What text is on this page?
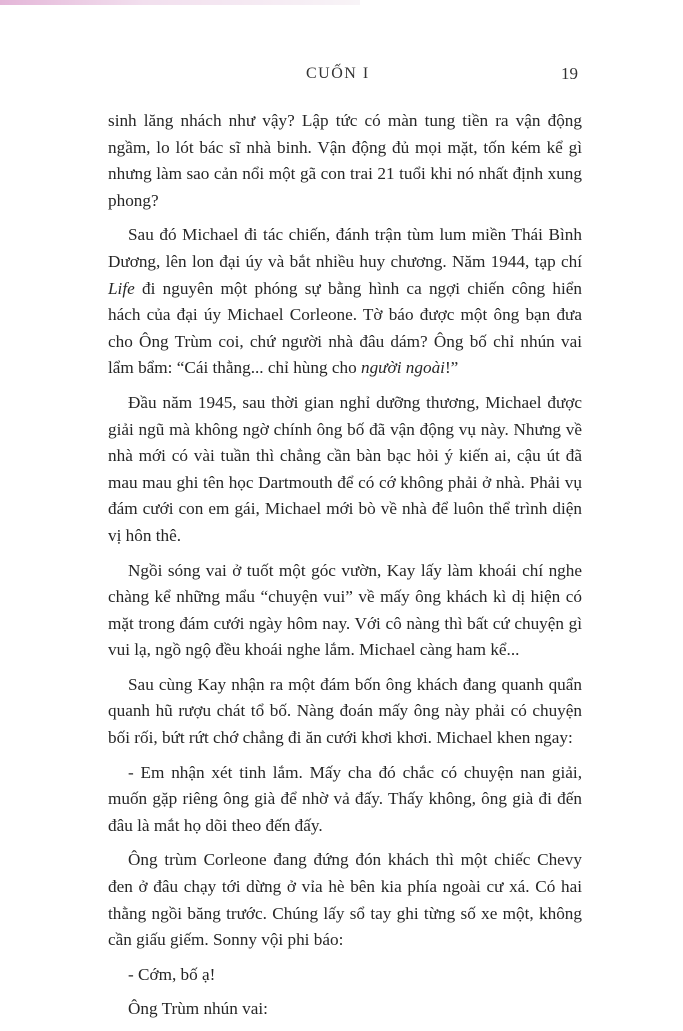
CUỐN I	19

sinh lăng nhách như vậy? Lập tức có màn tung tiền ra vận động ngầm, lo lót bác sĩ nhà binh. Vận động đủ mọi mặt, tốn kém kể gì nhưng làm sao cản nổi một gã con trai 21 tuổi khi nó nhất định xung phong?

Sau đó Michael đi tác chiến, đánh trận tùm lum miền Thái Bình Dương, lên lon đại úy và bắt nhiều huy chương. Năm 1944, tạp chí Life đi nguyên một phóng sự bằng hình ca ngợi chiến công hiển hách của đại úy Michael Corleone. Tờ báo được một ông bạn đưa cho Ông Trùm coi, chứ người nhà đâu dám? Ông bố chỉ nhún vai lẩm bẩm: “Cái thằng... chỉ hùng cho người ngoài!”

Đầu năm 1945, sau thời gian nghỉ dưỡng thương, Michael được giải ngũ mà không ngờ chính ông bố đã vận động vụ này. Nhưng về nhà mới có vài tuần thì chẳng cần bàn bạc hỏi ý kiến ai, cậu út đã mau mau ghi tên học Dartmouth để có cớ không phải ở nhà. Phải vụ đám cưới con em gái, Michael mới bò về nhà để luôn thể trình diện vị hôn thê.

Ngồi sóng vai ở tuốt một góc vườn, Kay lấy làm khoái chí nghe chàng kể những mẩu “chuyện vui” về mấy ông khách kì dị hiện có mặt trong đám cưới ngày hôm nay. Với cô nàng thì bất cứ chuyện gì vui lạ, ngồ ngộ đều khoái nghe lắm. Michael càng ham kể...

Sau cùng Kay nhận ra một đám bốn ông khách đang quanh quẩn quanh hũ rượu chát tổ bố. Nàng đoán mấy ông này phải có chuyện bối rối, bứt rứt chớ chẳng đi ăn cưới khơi khơi. Michael khen ngay:

- Em nhận xét tinh lắm. Mấy cha đó chắc có chuyện nan giải, muốn gặp riêng ông già để nhờ vả đấy. Thấy không, ông già đi đến đâu là mắt họ dõi theo đến đấy.

Ông trùm Corleone đang đứng đón khách thì một chiếc Chevy đen ở đâu chạy tới dừng ở vỉa hè bên kia phía ngoài cư xá. Có hai thằng ngồi băng trước. Chúng lấy sổ tay ghi từng số xe một, không cần giấu giếm. Sonny vội phi báo:

- Cớm, bố ạ!

Ông Trùm nhún vai:
